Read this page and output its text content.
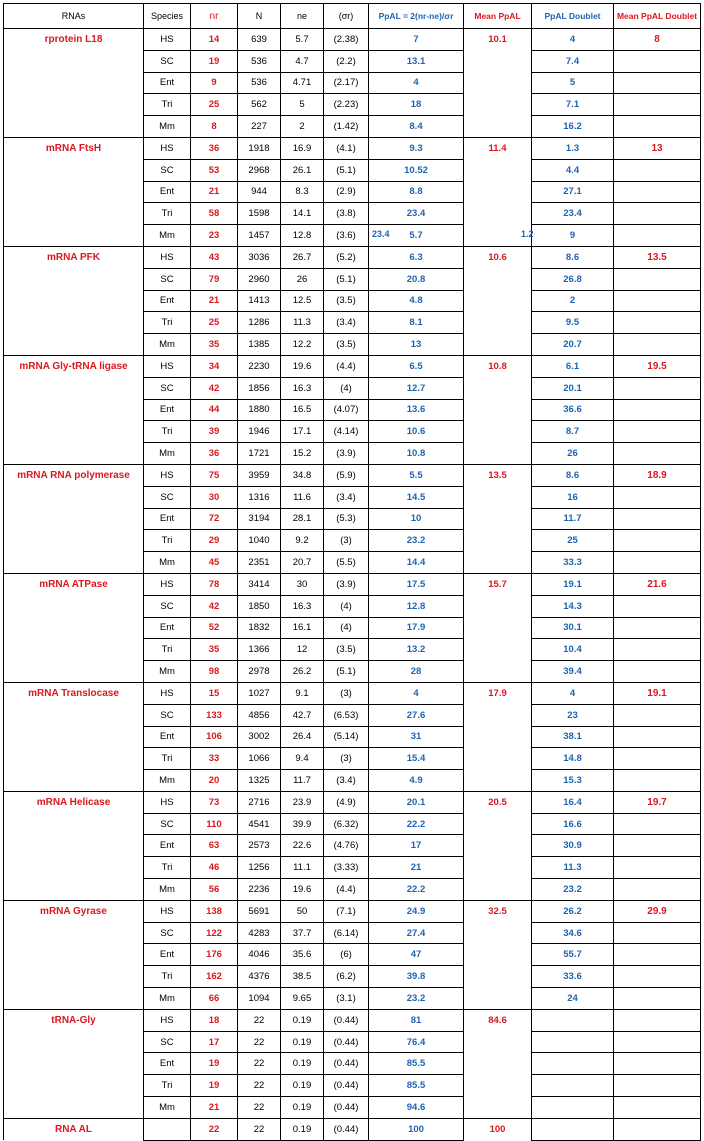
RNAs	Species	nr	N	ne	(σr)	PpAL = 2(nr-ne)/σr	Mean PpAL	PpAL Doublet	Mean PpAL Doublet
rprotein L18	HS	14	639	5.7	(2.38)	7	10.1	4	8
	SC	19	536	4.7	(2.2)	13.1		7.4	
	Ent	9	536	4.71	(2.17)	4		5	
	Tri	25	562	5	(2.23)	18		7.1	
	Mm	8	227	2	(1.42)	8.4		16.2	
mRNA FtsH	HS	36	1918	16.9	(4.1)	9.3	11.4	1.3	13
	SC	53	2968	26.1	(5.1)	10.52		4.4	
	Ent	21	944	8.3	(2.9)	8.8		27.1	
	Tri	58	1598	14.1	(3.8)	23.4		23.4	
	Mm	23	1457	12.8	(3.6)	5.7		9	
mRNA PFK	HS	43	3036	26.7	(5.2)	6.3	10.6	8.6	13.5
	SC	79	2960	26	(5.1)	20.8		26.8	
	Ent	21	1413	12.5	(3.5)	4.8		2	
	Tri	25	1286	11.3	(3.4)	8.1		9.5	
	Mm	35	1385	12.2	(3.5)	13		20.7	
mRNA Gly-tRNA ligase	HS	34	2230	19.6	(4.4)	6.5	10.8	6.1	19.5
	SC	42	1856	16.3	(4)	12.7		20.1	
	Ent	44	1880	16.5	(4.07)	13.6		36.6	
	Tri	39	1946	17.1	(4.14)	10.6		8.7	
	Mm	36	1721	15.2	(3.9)	10.8		26	
mRNA RNA polymerase	HS	75	3959	34.8	(5.9)	5.5	13.5	8.6	18.9
	SC	30	1316	11.6	(3.4)	14.5		16	
	Ent	72	3194	28.1	(5.3)	10		11.7	
	Tri	29	1040	9.2	(3)	23.2		25	
	Mm	45	2351	20.7	(5.5)	14.4		33.3	
mRNA ATPase	HS	78	3414	30	(3.9)	17.5	15.7	19.1	21.6
	SC	42	1850	16.3	(4)	12.8		14.3	
	Ent	52	1832	16.1	(4)	17.9		30.1	
	Tri	35	1366	12	(3.5)	13.2		10.4	
	Mm	98	2978	26.2	(5.1)	28		39.4	
mRNA Translocase	HS	15	1027	9.1	(3)	4	17.9	4	19.1
	SC	133	4856	42.7	(6.53)	27.6		23	
	Ent	106	3002	26.4	(5.14)	31		38.1	
	Tri	33	1066	9.4	(3)	15.4		14.8	
	Mm	20	1325	11.7	(3.4)	4.9		15.3	
mRNA Helicase	HS	73	2716	23.9	(4.9)	20.1	20.5	16.4	19.7
	SC	110	4541	39.9	(6.32)	22.2		16.6	
	Ent	63	2573	22.6	(4.76)	17		30.9	
	Tri	46	1256	11.1	(3.33)	21		11.3	
	Mm	56	2236	19.6	(4.4)	22.2		23.2	
mRNA Gyrase	HS	138	5691	50	(7.1)	24.9	32.5	26.2	29.9
	SC	122	4283	37.7	(6.14)	27.4		34.6	
	Ent	176	4046	35.6	(6)	47		55.7	
	Tri	162	4376	38.5	(6.2)	39.8		33.6	
	Mm	66	1094	9.65	(3.1)	23.2		24	
tRNA-Gly	HS	18	22	0.19	(0.44)	81	84.6		
	SC	17	22	0.19	(0.44)	76.4			
	Ent	19	22	0.19	(0.44)	85.5			
	Tri	19	22	0.19	(0.44)	85.5			
	Mm	21	22	0.19	(0.44)	94.6			
RNA AL		22	22	0.19	(0.44)	100	100		
23.4	1.2
